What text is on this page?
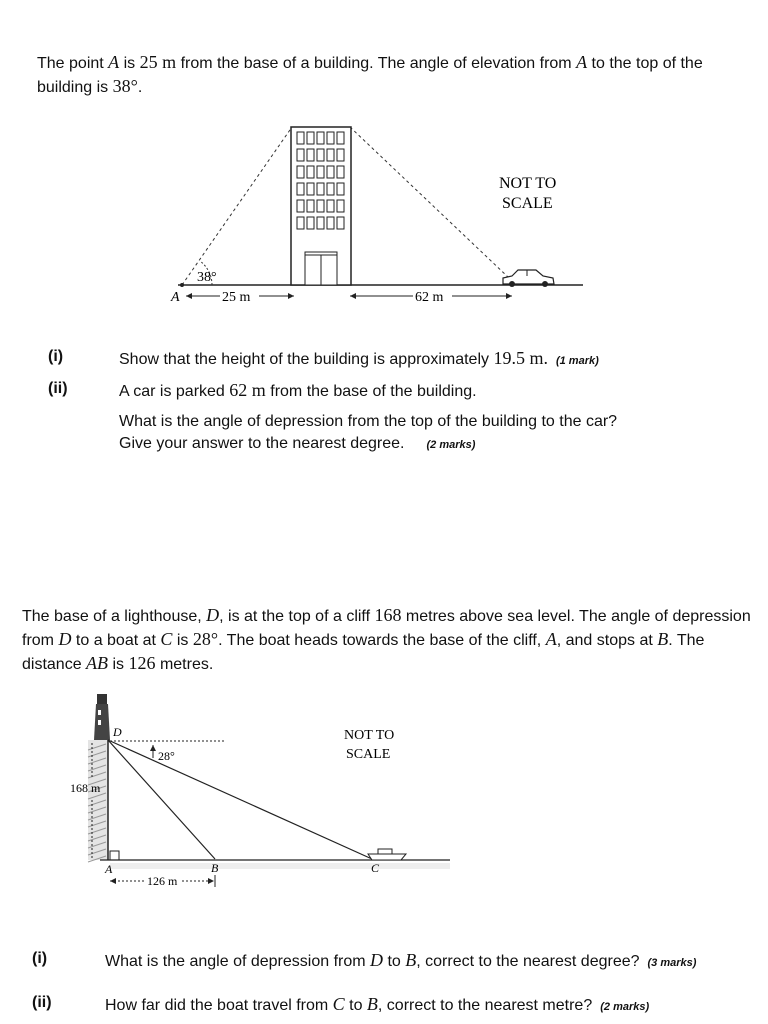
The point A is 25 m from the base of a building. The angle of elevation from A to the top of the building is 38°.
38°
A	25 m	62 m
NOT TO
SCALE
(i)	Show that the height of the building is approximately 19.5 m. (1 mark)
(ii)	A car is parked 62 m from the base of the building.
What is the angle of depression from the top of the building to the car?
Give your answer to the nearest degree. (2 marks)
The base of a lighthouse, D, is at the top of a cliff 168 metres above sea level. The angle of depression from D to a boat at C is 28°. The boat heads towards the base of the cliff, A, and stops at B. The distance AB is 126 metres.
28°
D
A	B	C
168 m
126 m
NOT TO
SCALE
(i)	What is the angle of depression from D to B, correct to the nearest degree? (3 marks)
(ii)	How far did the boat travel from C to B, correct to the nearest metre? (2 marks)
